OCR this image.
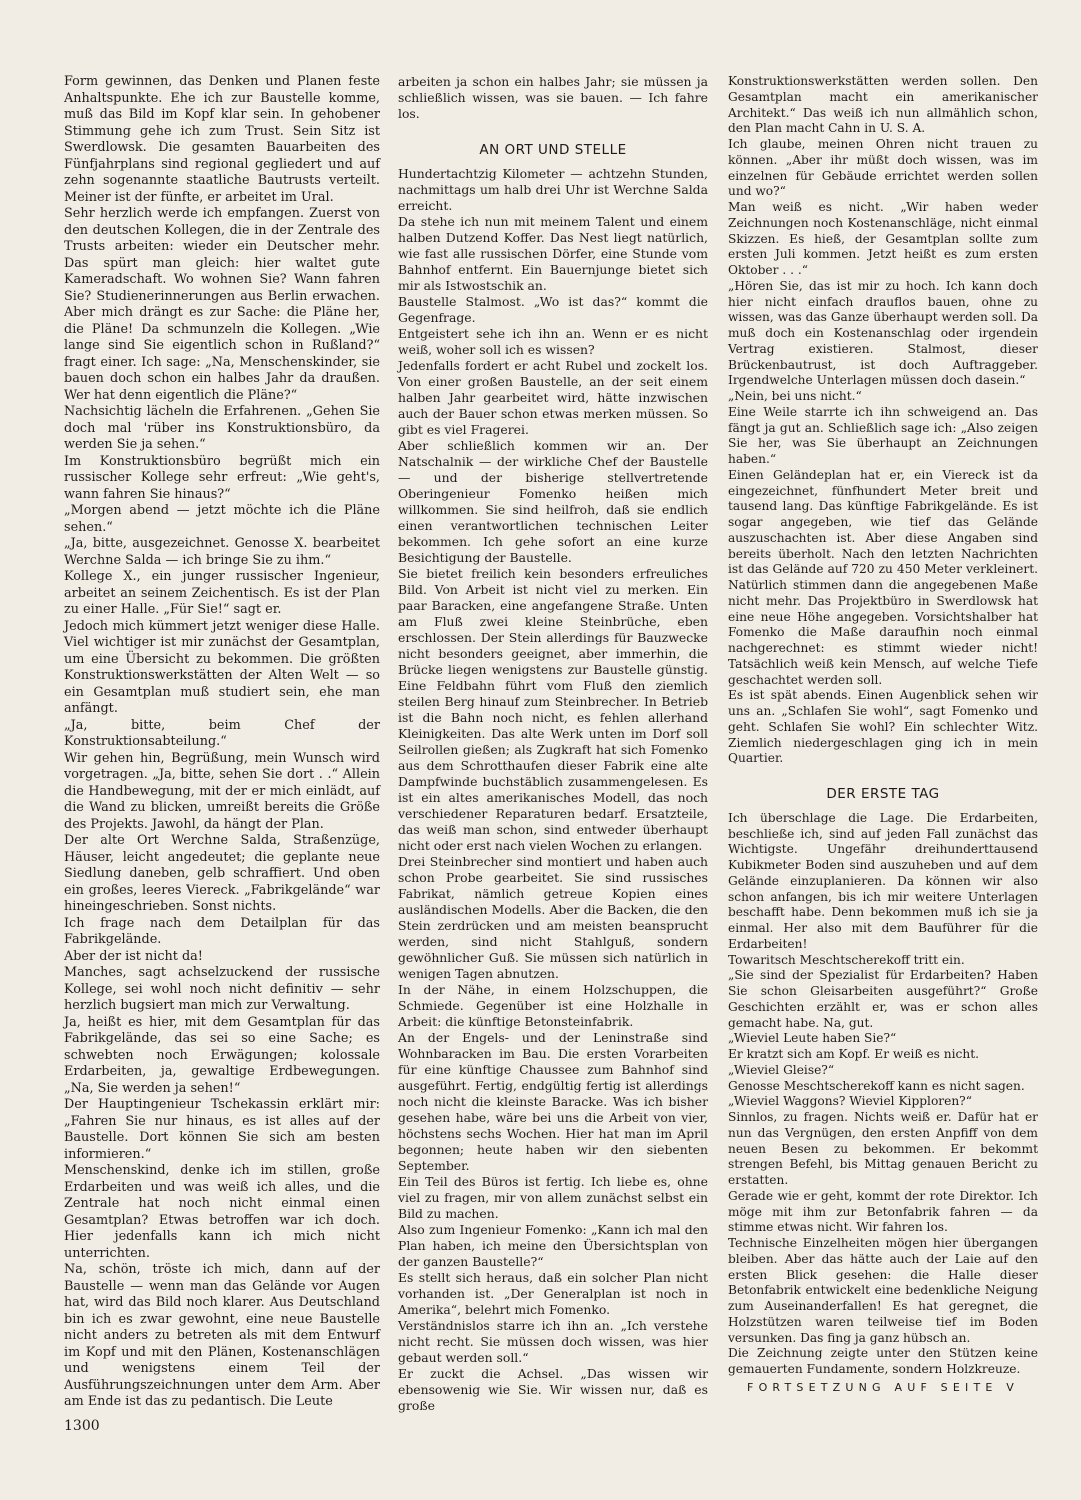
Form gewinnen, das Denken und Planen feste Anhaltspunkte. Ehe ich zur Baustelle komme, muß das Bild im Kopf klar sein. In gehobener Stimmung gehe ich zum Trust. Sein Sitz ist Swerdlowsk. Die gesamten Bauarbeiten des Fünfjahrplans sind regional gegliedert und auf zehn sogenannte staatliche Bautrusts verteilt. Meiner ist der fünfte, er arbeitet im Ural.

Sehr herzlich werde ich empfangen. Zuerst von den deutschen Kollegen, die in der Zentrale des Trusts arbeiten: wieder ein Deutscher mehr. Das spürt man gleich: hier waltet gute Kameradschaft. Wo wohnen Sie? Wann fahren Sie? Studienerinnerungen aus Berlin erwachen. Aber mich drängt es zur Sache: die Pläne her, die Pläne! Da schmunzeln die Kollegen. „Wie lange sind Sie eigentlich schon in Rußland?“ fragt einer. Ich sage: „Na, Menschenskinder, sie bauen doch schon ein halbes Jahr da draußen. Wer hat denn eigentlich die Pläne?“

Nachsichtig lächeln die Erfahrenen. „Gehen Sie doch mal 'rüber ins Konstruktionsbüro, da werden Sie ja sehen.“

Im Konstruktionsbüro begrüßt mich ein russischer Kollege sehr erfreut: „Wie geht's, wann fahren Sie hinaus?“

„Morgen abend — jetzt möchte ich die Pläne sehen.“

„Ja, bitte, ausgezeichnet. Genosse X. bearbeitet Werchne Salda — ich bringe Sie zu ihm.“

Kollege X., ein junger russischer Ingenieur, arbeitet an seinem Zeichentisch. Es ist der Plan zu einer Halle. „Für Sie!“ sagt er.

Jedoch mich kümmert jetzt weniger diese Halle. Viel wichtiger ist mir zunächst der Gesamtplan, um eine Übersicht zu bekommen. Die größten Konstruktionswerkstätten der Alten Welt — so ein Gesamtplan muß studiert sein, ehe man anfängt.

„Ja, bitte, beim Chef der Konstruktionsabteilung.“

Wir gehen hin, Begrüßung, mein Wunsch wird vorgetragen. „Ja, bitte, sehen Sie dort . .“ Allein die Handbewegung, mit der er mich einlädt, auf die Wand zu blicken, umreißt bereits die Größe des Projekts. Jawohl, da hängt der Plan.

Der alte Ort Werchne Salda, Straßenzüge, Häuser, leicht angedeutet; die geplante neue Siedlung daneben, gelb schraffiert. Und oben ein großes, leeres Viereck. „Fabrikgelände“ war hineingeschrieben. Sonst nichts.

Ich frage nach dem Detailplan für das Fabrikgelände.

Aber der ist nicht da!

Manches, sagt achselzuckend der russische Kollege, sei wohl noch nicht definitiv — sehr herzlich bugsiert man mich zur Verwaltung.

Ja, heißt es hier, mit dem Gesamtplan für das Fabrikgelände, das sei so eine Sache; es schwebten noch Erwägungen; kolossale Erdarbeiten, ja, gewaltige Erdbewegungen. „Na, Sie werden ja sehen!“

Der Hauptingenieur Tschekassin erklärt mir: „Fahren Sie nur hinaus, es ist alles auf der Baustelle. Dort können Sie sich am besten informieren.“

Menschenskind, denke ich im stillen, große Erdarbeiten und was weiß ich alles, und die Zentrale hat noch nicht einmal einen Gesamtplan? Etwas betroffen war ich doch. Hier jedenfalls kann ich mich nicht unterrichten.

Na, schön, tröste ich mich, dann auf der Baustelle — wenn man das Gelände vor Augen hat, wird das Bild noch klarer. Aus Deutschland bin ich es zwar gewohnt, eine neue Baustelle nicht anders zu betreten als mit dem Entwurf im Kopf und mit den Plänen, Kostenanschlägen und wenigstens einem Teil der Ausführungszeichnungen unter dem Arm. Aber am Ende ist das zu pedantisch. Die Leute

arbeiten ja schon ein halbes Jahr; sie müssen ja schließlich wissen, was sie bauen. — Ich fahre los.

AN ORT UND STELLE

Hundertachtzig Kilometer — achtzehn Stunden, nachmittags um halb drei Uhr ist Werchne Salda erreicht.

Da stehe ich nun mit meinem Talent und einem halben Dutzend Koffer. Das Nest liegt natürlich, wie fast alle russischen Dörfer, eine Stunde vom Bahnhof entfernt. Ein Bauernjunge bietet sich mir als Istwostschik an.

Baustelle Stalmost. „Wo ist das?“ kommt die Gegenfrage.

Entgeistert sehe ich ihn an. Wenn er es nicht weiß, woher soll ich es wissen?

Jedenfalls fordert er acht Rubel und zockelt los. Von einer großen Baustelle, an der seit einem halben Jahr gearbeitet wird, hätte inzwischen auch der Bauer schon etwas merken müssen. So gibt es viel Fragerei.

Aber schließlich kommen wir an. Der Natschalnik — der wirkliche Chef der Baustelle — und der bisherige stellvertretende Oberingenieur Fomenko heißen mich willkommen. Sie sind heilfroh, daß sie endlich einen verantwortlichen technischen Leiter bekommen. Ich gehe sofort an eine kurze Besichtigung der Baustelle.

Sie bietet freilich kein besonders erfreuliches Bild. Von Arbeit ist nicht viel zu merken. Ein paar Baracken, eine angefangene Straße. Unten am Fluß zwei kleine Steinbrüche, eben erschlossen. Der Stein allerdings für Bauzwecke nicht besonders geeignet, aber immerhin, die Brücke liegen wenigstens zur Baustelle günstig. Eine Feldbahn führt vom Fluß den ziemlich steilen Berg hinauf zum Steinbrecher. In Betrieb ist die Bahn noch nicht, es fehlen allerhand Kleinigkeiten. Das alte Werk unten im Dorf soll Seilrollen gießen; als Zugkraft hat sich Fomenko aus dem Schrotthaufen dieser Fabrik eine alte Dampfwinde buchstäblich zusammengelesen. Es ist ein altes amerikanisches Modell, das noch verschiedener Reparaturen bedarf. Ersatzteile, das weiß man schon, sind entweder überhaupt nicht oder erst nach vielen Wochen zu erlangen.

Drei Steinbrecher sind montiert und haben auch schon Probe gearbeitet. Sie sind russisches Fabrikat, nämlich getreue Kopien eines ausländischen Modells. Aber die Backen, die den Stein zerdrücken und am meisten beansprucht werden, sind nicht Stahlguß, sondern gewöhnlicher Guß. Sie müssen sich natürlich in wenigen Tagen abnutzen.

In der Nähe, in einem Holzschuppen, die Schmiede. Gegenüber ist eine Holzhalle in Arbeit: die künftige Betonsteinfabrik.

An der Engels- und der Leninstraße sind Wohnbaracken im Bau. Die ersten Vorarbeiten für eine künftige Chaussee zum Bahnhof sind ausgeführt. Fertig, endgültig fertig ist allerdings noch nicht die kleinste Baracke. Was ich bisher gesehen habe, wäre bei uns die Arbeit von vier, höchstens sechs Wochen. Hier hat man im April begonnen; heute haben wir den siebenten September.

Ein Teil des Büros ist fertig. Ich liebe es, ohne viel zu fragen, mir von allem zunächst selbst ein Bild zu machen.

Also zum Ingenieur Fomenko: „Kann ich mal den Plan haben, ich meine den Übersichtsplan von der ganzen Baustelle?“

Es stellt sich heraus, daß ein solcher Plan nicht vorhanden ist. „Der Generalplan ist noch in Amerika“, belehrt mich Fomenko.

Verständnislos starre ich ihn an. „Ich verstehe nicht recht. Sie müssen doch wissen, was hier gebaut werden soll.“

Er zuckt die Achsel. „Das wissen wir ebensowenig wie Sie. Wir wissen nur, daß es große

Konstruktionswerkstätten werden sollen. Den Gesamtplan macht ein amerikanischer Architekt.“ Das weiß ich nun allmählich schon, den Plan macht Cahn in U. S. A.

Ich glaube, meinen Ohren nicht trauen zu können. „Aber ihr müßt doch wissen, was im einzelnen für Gebäude errichtet werden sollen und wo?“

Man weiß es nicht. „Wir haben weder Zeichnungen noch Kostenanschläge, nicht einmal Skizzen. Es hieß, der Gesamtplan sollte zum ersten Juli kommen. Jetzt heißt es zum ersten Oktober . . .“

„Hören Sie, das ist mir zu hoch. Ich kann doch hier nicht einfach drauflos bauen, ohne zu wissen, was das Ganze überhaupt werden soll. Da muß doch ein Kostenanschlag oder irgendein Vertrag existieren. Stalmost, dieser Brückenbautrust, ist doch Auftraggeber. Irgendwelche Unterlagen müssen doch dasein.“

„Nein, bei uns nicht.“

Eine Weile starrte ich ihn schweigend an. Das fängt ja gut an. Schließlich sage ich: „Also zeigen Sie her, was Sie überhaupt an Zeichnungen haben.“

Einen Geländeplan hat er, ein Viereck ist da eingezeichnet, fünfhundert Meter breit und tausend lang. Das künftige Fabrikgelände. Es ist sogar angegeben, wie tief das Gelände auszuschachten ist. Aber diese Angaben sind bereits überholt. Nach den letzten Nachrichten ist das Gelände auf 720 zu 450 Meter verkleinert. Natürlich stimmen dann die angegebenen Maße nicht mehr. Das Projektbüro in Swerdlowsk hat eine neue Höhe angegeben. Vorsichtshalber hat Fomenko die Maße daraufhin noch einmal nachgerechnet: es stimmt wieder nicht! Tatsächlich weiß kein Mensch, auf welche Tiefe geschachtet werden soll.

Es ist spät abends. Einen Augenblick sehen wir uns an. „Schlafen Sie wohl“, sagt Fomenko und geht. Schlafen Sie wohl? Ein schlechter Witz. Ziemlich niedergeschlagen ging ich in mein Quartier.

DER ERSTE TAG

Ich überschlage die Lage. Die Erdarbeiten, beschließe ich, sind auf jeden Fall zunächst das Wichtigste. Ungefähr dreihunderttausend Kubikmeter Boden sind auszuheben und auf dem Gelände einzuplanieren. Da können wir also schon anfangen, bis ich mir weitere Unterlagen beschafft habe. Denn bekommen muß ich sie ja einmal. Her also mit dem Bauführer für die Erdarbeiten!

Towaritsch Meschtscherekoff tritt ein.

„Sie sind der Spezialist für Erdarbeiten? Haben Sie schon Gleisarbeiten ausgeführt?“ Große Geschichten erzählt er, was er schon alles gemacht habe. Na, gut.

„Wieviel Leute haben Sie?“

Er kratzt sich am Kopf. Er weiß es nicht.

„Wieviel Gleise?“

Genosse Meschtscherekoff kann es nicht sagen.

„Wieviel Waggons? Wieviel Kipploren?“

Sinnlos, zu fragen. Nichts weiß er. Dafür hat er nun das Vergnügen, den ersten Anpfiff von dem neuen Besen zu bekommen. Er bekommt strengen Befehl, bis Mittag genauen Bericht zu erstatten.

Gerade wie er geht, kommt der rote Direktor. Ich möge mit ihm zur Betonfabrik fahren — da stimme etwas nicht. Wir fahren los.

Technische Einzelheiten mögen hier übergangen bleiben. Aber das hätte auch der Laie auf den ersten Blick gesehen: die Halle dieser Betonfabrik entwickelt eine bedenkliche Neigung zum Auseinanderfallen! Es hat geregnet, die Holzstützen waren teilweise tief im Boden versunken. Das fing ja ganz hübsch an.

Die Zeichnung zeigte unter den Stützen keine gemauerten Fundamente, sondern Holzkreuze.

FORTSETZUNG AUF SEITE V
1300
